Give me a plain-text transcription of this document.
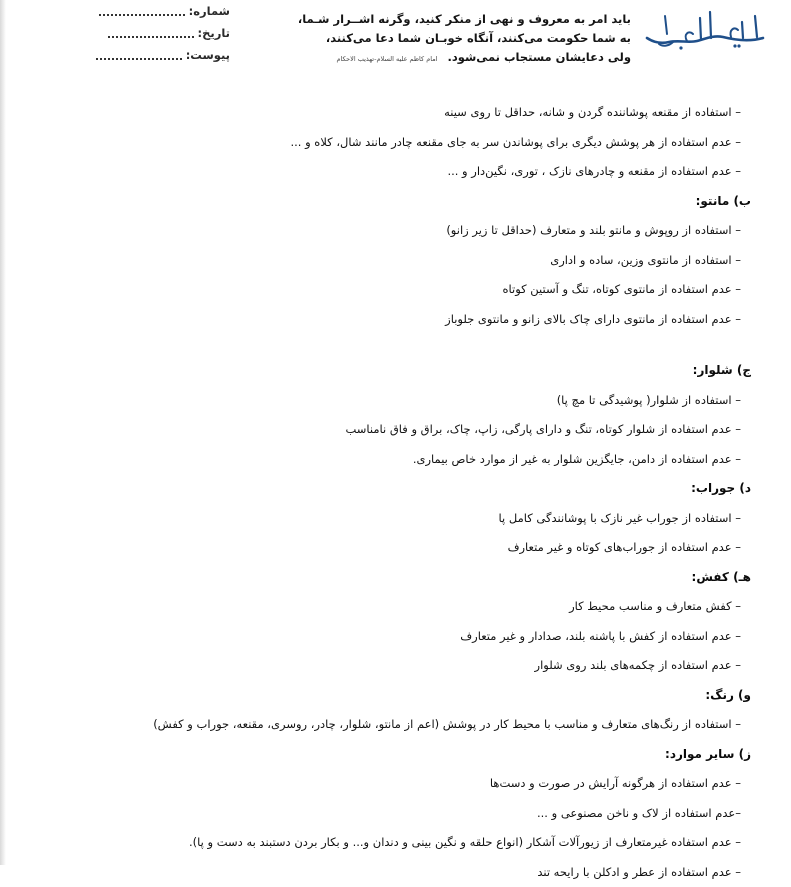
باید امر به معروف و نهی از منکر کنید، وگرنه اشــرار شـما،
به شما حکومت می‌کنند، آنگاه خوبـان شما دعا می‌کنند،
ولی دعایشان مستجاب نمی‌شود. امام کاظم علیه السلام-تهذیب الاحکام
شماره:
تاریخ:
پیوست:
– استفاده از مقنعه پوشاننده گردن و شانه، حداقل تا روی سینه
– عدم استفاده از هر پوشش دیگری برای پوشاندن سر به جای مقنعه چادر مانند شال، کلاه و ...
– عدم استفاده از مقنعه و چادرهای نازک ، توری، نگین‌دار و ...
ب) مانتو:
– استفاده از روپوش و مانتو بلند و متعارف (حداقل تا زیر زانو)
– استفاده از مانتوی وزین، ساده و اداری
– عدم استفاده از مانتوی کوتاه، تنگ و آستین کوتاه
– عدم استفاده از مانتوی دارای چاک بالای زانو و مانتوی جلوباز
ج) شلوار:
– استفاده از شلوار( پوشیدگی تا مچ پا)
– عدم استفاده از شلوار کوتاه، تنگ و دارای پارگی، زاپ، چاک، براق و فاق نامناسب
– عدم استفاده از دامن، جایگزین شلوار به غیر از موارد خاص بیماری.
د) جوراب:
– استفاده از جوراب غیر نازک با پوشانندگی کامل پا
– عدم استفاده از جوراب‌های کوتاه و غیر متعارف
هـ) کفش:
– کفش متعارف و مناسب محیط کار
– عدم استفاده از کفش با پاشنه بلند، صدادار و غیر متعارف
– عدم استفاده از چکمه‌های بلند روی شلوار
و) رنگ:
– استفاده از رنگ‌های متعارف و مناسب با محیط کار در پوشش (اعم از مانتو، شلوار، چادر، روسری، مقنعه، جوراب و کفش)
ز) سایر موارد:
– عدم استفاده از هرگونه آرایش در صورت و دست‌ها
–عدم استفاده از لاک و ناخن مصنوعی و ...
– عدم استفاده غیرمتعارف از زیورآلات آشکار (انواع حلقه و نگین بینی و دندان و... و بکار بردن دستبند به دست و پا).
– عدم استفاده از عطر و ادکلن با رایحه تند
